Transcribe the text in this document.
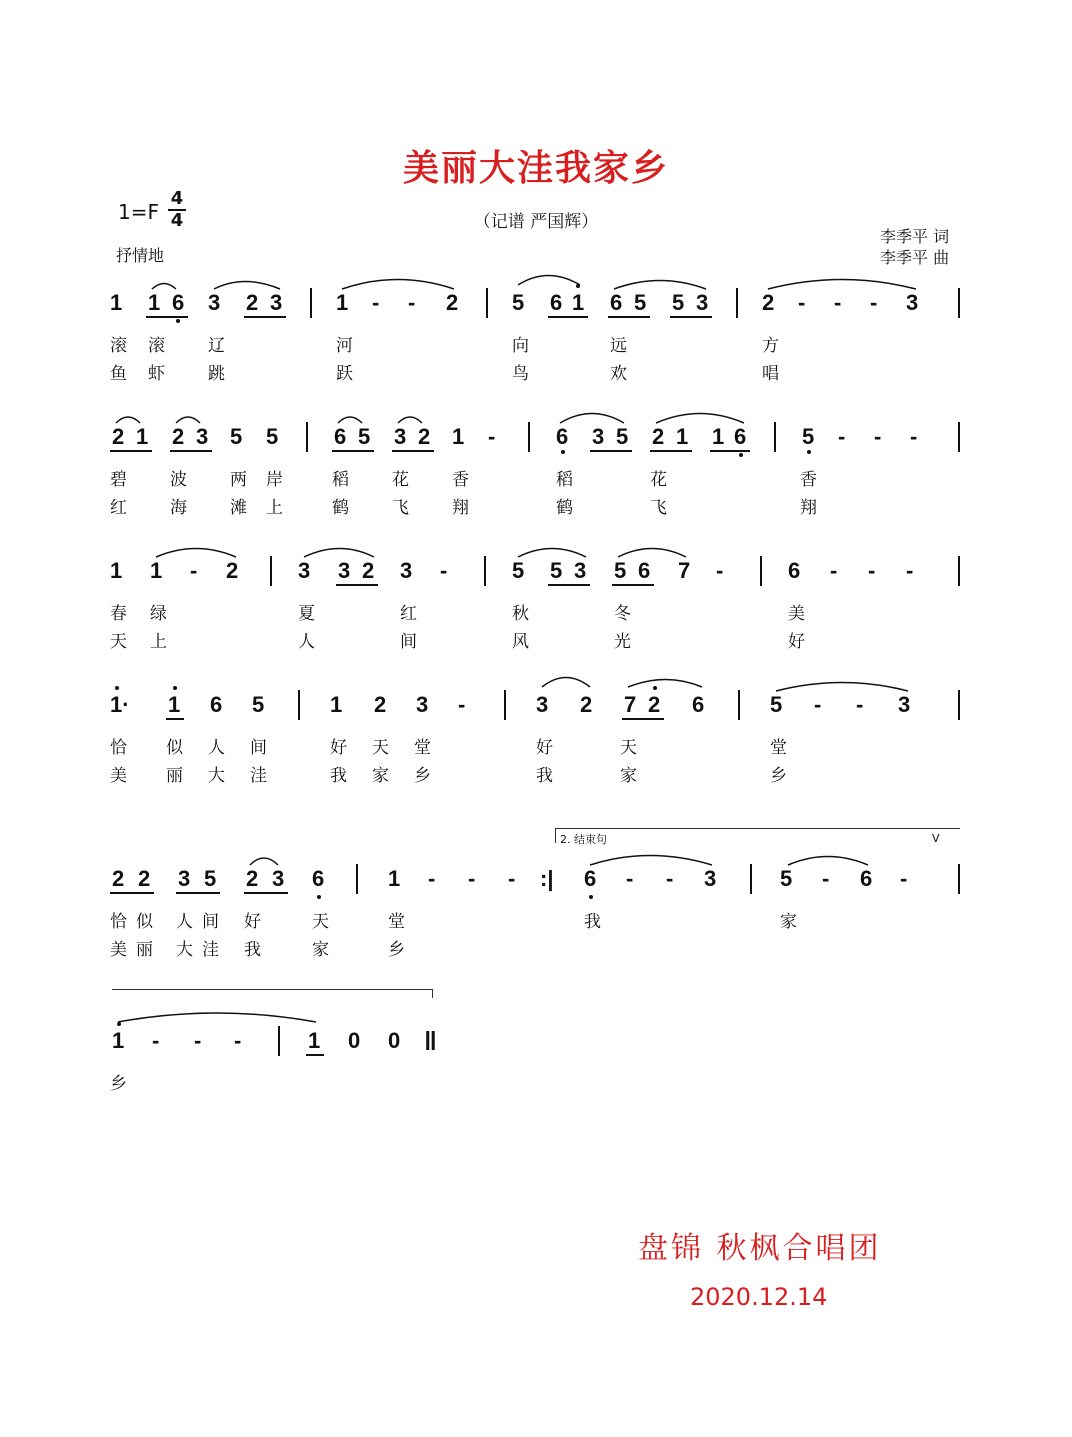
美丽大洼我家乡
1=F
4
4	（记谱 严国辉）
李季平 词
李季平 曲
抒情地
1 1 6 3 2 3 1 - - 2 5 6 1 6 5 5 3 2 - - - 3
滚 滚	辽	河	向	远	方
鱼 虾	跳	跃	鸟	欢	唱
2 1 2 3 5 5	6 5 3 2 1 -	6 3 5 2 1 1 6	5 - - -
碧	波	两 岸	稻	花	香	稻	花	香
红	海	滩 上	鹤	飞	翔	鹤	飞	翔
1 1 - 2	3 3 2 3 -	5 5 3 5 6 7 -	6 - - -
春 绿	夏	红	秋	冬	美
天 上	人	间	风	光	好
1· 1 6 5	1 2 3 -	3 2 7 2 6	5 - - 3
恰 似 人 间	好 天 堂	好	天	堂
美 丽 大 洼	我 家 乡	我	家	乡
2. 结束句	V
2 2 3 5 2 3 6	1 - - - :| 6 - - 3	5 - 6 -
恰 似 人 间 好	天	堂	我	家
美 丽 大 洼 我	家	乡
1 - - -	1 0 0 ‖
乡
盘锦 秋枫合唱团
2020.12.14
